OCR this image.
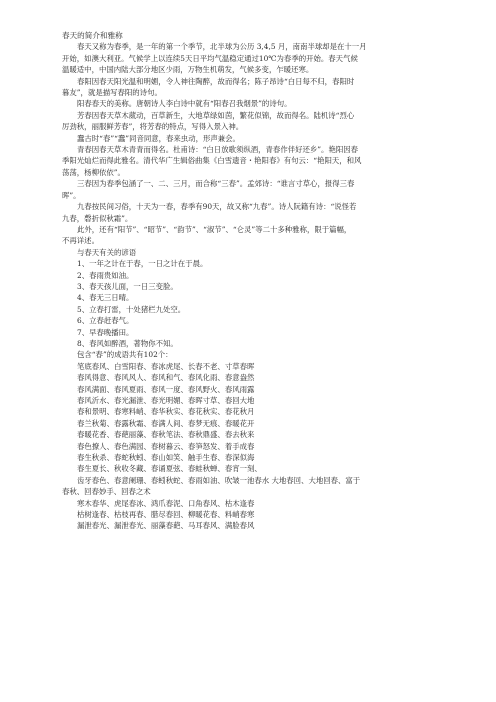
春天的简介和雅称
春天又称为春季，是一年的第一个季节，北半球为公历 3,4,5 月，南南半球却是在十一月
开始，如澳大利亚。气候学上以连续5天日平均气温稳定通过10℃为春季的开始。春天气候
温暖适中，中国内陆大部分地区少雨，万物生机萌发，气候多变，乍暖还寒。
春阳因春天阳光温和明媚，令人神往陶醉，故而得名；陈子昂诗“白日每不归，春阳时
暮友”，就是描写春阳的诗句。
阳春春天的美称。唐朝诗人李白诗中就有“阳春召我烟景”的诗句。
芳春因春天草木葳动，百草新生，大地草绿如茵，繁花似锦，故而得名。陆机诗“烈心
厉劲秋，丽服鲜芳春”，将芳春的特点，写得入景入神。
蠢古时“春”“蠢”同音同意，春来虫动，形声兼会。
青春因春天草木青青而得名。杜甫诗：“白日放歌须纵酒，青春作伴好还乡”。艳阳因春
季阳光灿烂而得此雅名。清代华广生辑俗曲集《白雪遗音・艳阳春》有句云：“艳阳天，和风
荡荡，杨柳依依”。
三春因为春季包涵了一、二、三月，而合称“三春”。孟郊诗：“谁言寸草心，报得三春
晖”。
九春按民间习俗，十天为一春，春季有90天，故又称“九春”。诗人阮籍有诗：“说怪若
九春，磬折似秋霜”。
此外，还有“阳节”、“昭节”、“韵节”、“淑节”、“仑灵”等二十多种雅称，限于篇幅，
不再详述。
与春天有关的谚语
1、一年之计在于春，一日之计在于晨。
2、春雨贵如油。
3、春天孩儿面，一日三变脸。
4、春无三日晴。
5、立春打雷，十处猪栏九处空。
6、立春赶春气。
7、早春晚播田。
8、春风如醉酒，著物你不知。
包含“春”的成语共有102个：
笔底春风、白雪阳春、春冰虎尾、长春不老、寸草春晖
春风得意、春风风人、春风和气、春风化雨、春意盎然
春风满面、春风夏雨、春风一度、春风野火、春风雨露
春风沂水、春光漏泄、春光明媚、春晖寸草、春回大地
春和景明、春寒料峭、春华秋实、春花秋实、春花秋月
春兰秋菊、春露秋霜、春满人间、春梦无痕、春暖花开
春暖花香、春葩丽藻、春秋笔法、春秋鼎盛、春去秋来
春色撩人、春色满园、春树暮云、春笋怒发、着手成春
春生秋杀、春蛇秋蚓、春山如笑、触手生春、春深似海
春生夏长、秋收冬藏、春诵夏弦、春蛙秋蝉、春宵一刻、
齿牙春色、春意阑珊、春蚓秋蛇、春雨如油、吹皱一池春水 大地春回、大地回春、富于
春秋、回春妙手、回春之术
寒木春华、虎尾春冰、鸿爪春泥、口角春风、枯木逢春
枯树逢春、枯枝再春、腊尽春回、柳暖花春、料峭春寒
漏泄春光、漏泄春光、丽藻春葩、马耳春风、满脸春风
